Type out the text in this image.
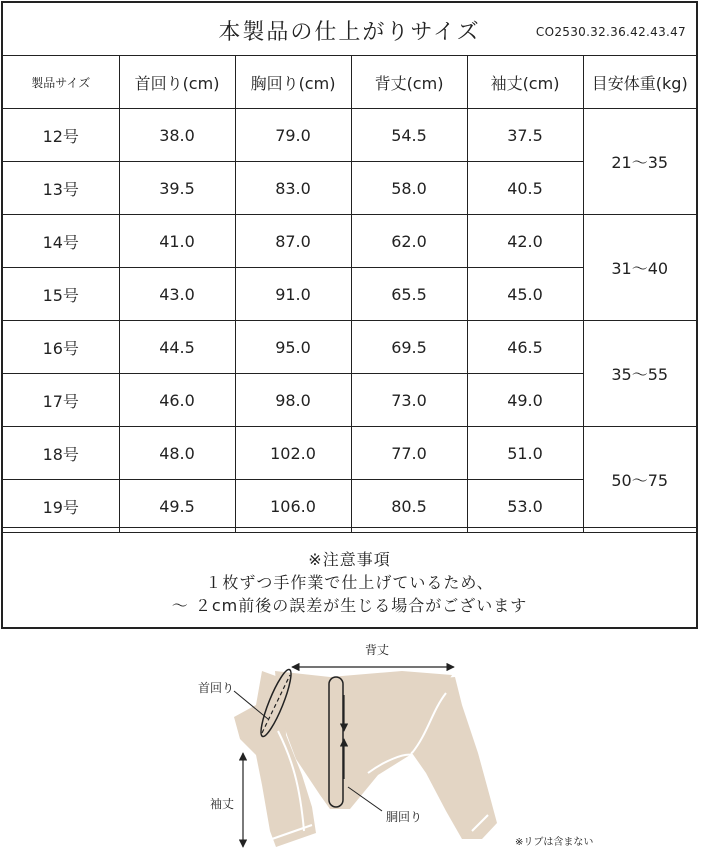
本製品の仕上がりサイズ	CO2530.32.36.42.43.47
製品サイズ	首回り(cm)	胸回り(cm)	背丈(cm)	袖丈(cm)	目安体重(kg)
12号	38.0	79.0	54.5	37.5	21～35
13号	39.5	83.0	58.0	40.5	
14号	41.0	87.0	62.0	42.0	31～40
15号	43.0	91.0	65.5	45.0	
16号	44.5	95.0	69.5	46.5	35～55
17号	46.0	98.0	73.0	49.0	
18号	48.0	102.0	77.0	51.0	50～75
19号	49.5	106.0	80.5	53.0	
※注意事項
１枚ずつ手作業で仕上げているため、
～ ２cm前後の誤差が生じる場合がございます
背丈
首回り
袖丈
胴回り
※リブは含まない
